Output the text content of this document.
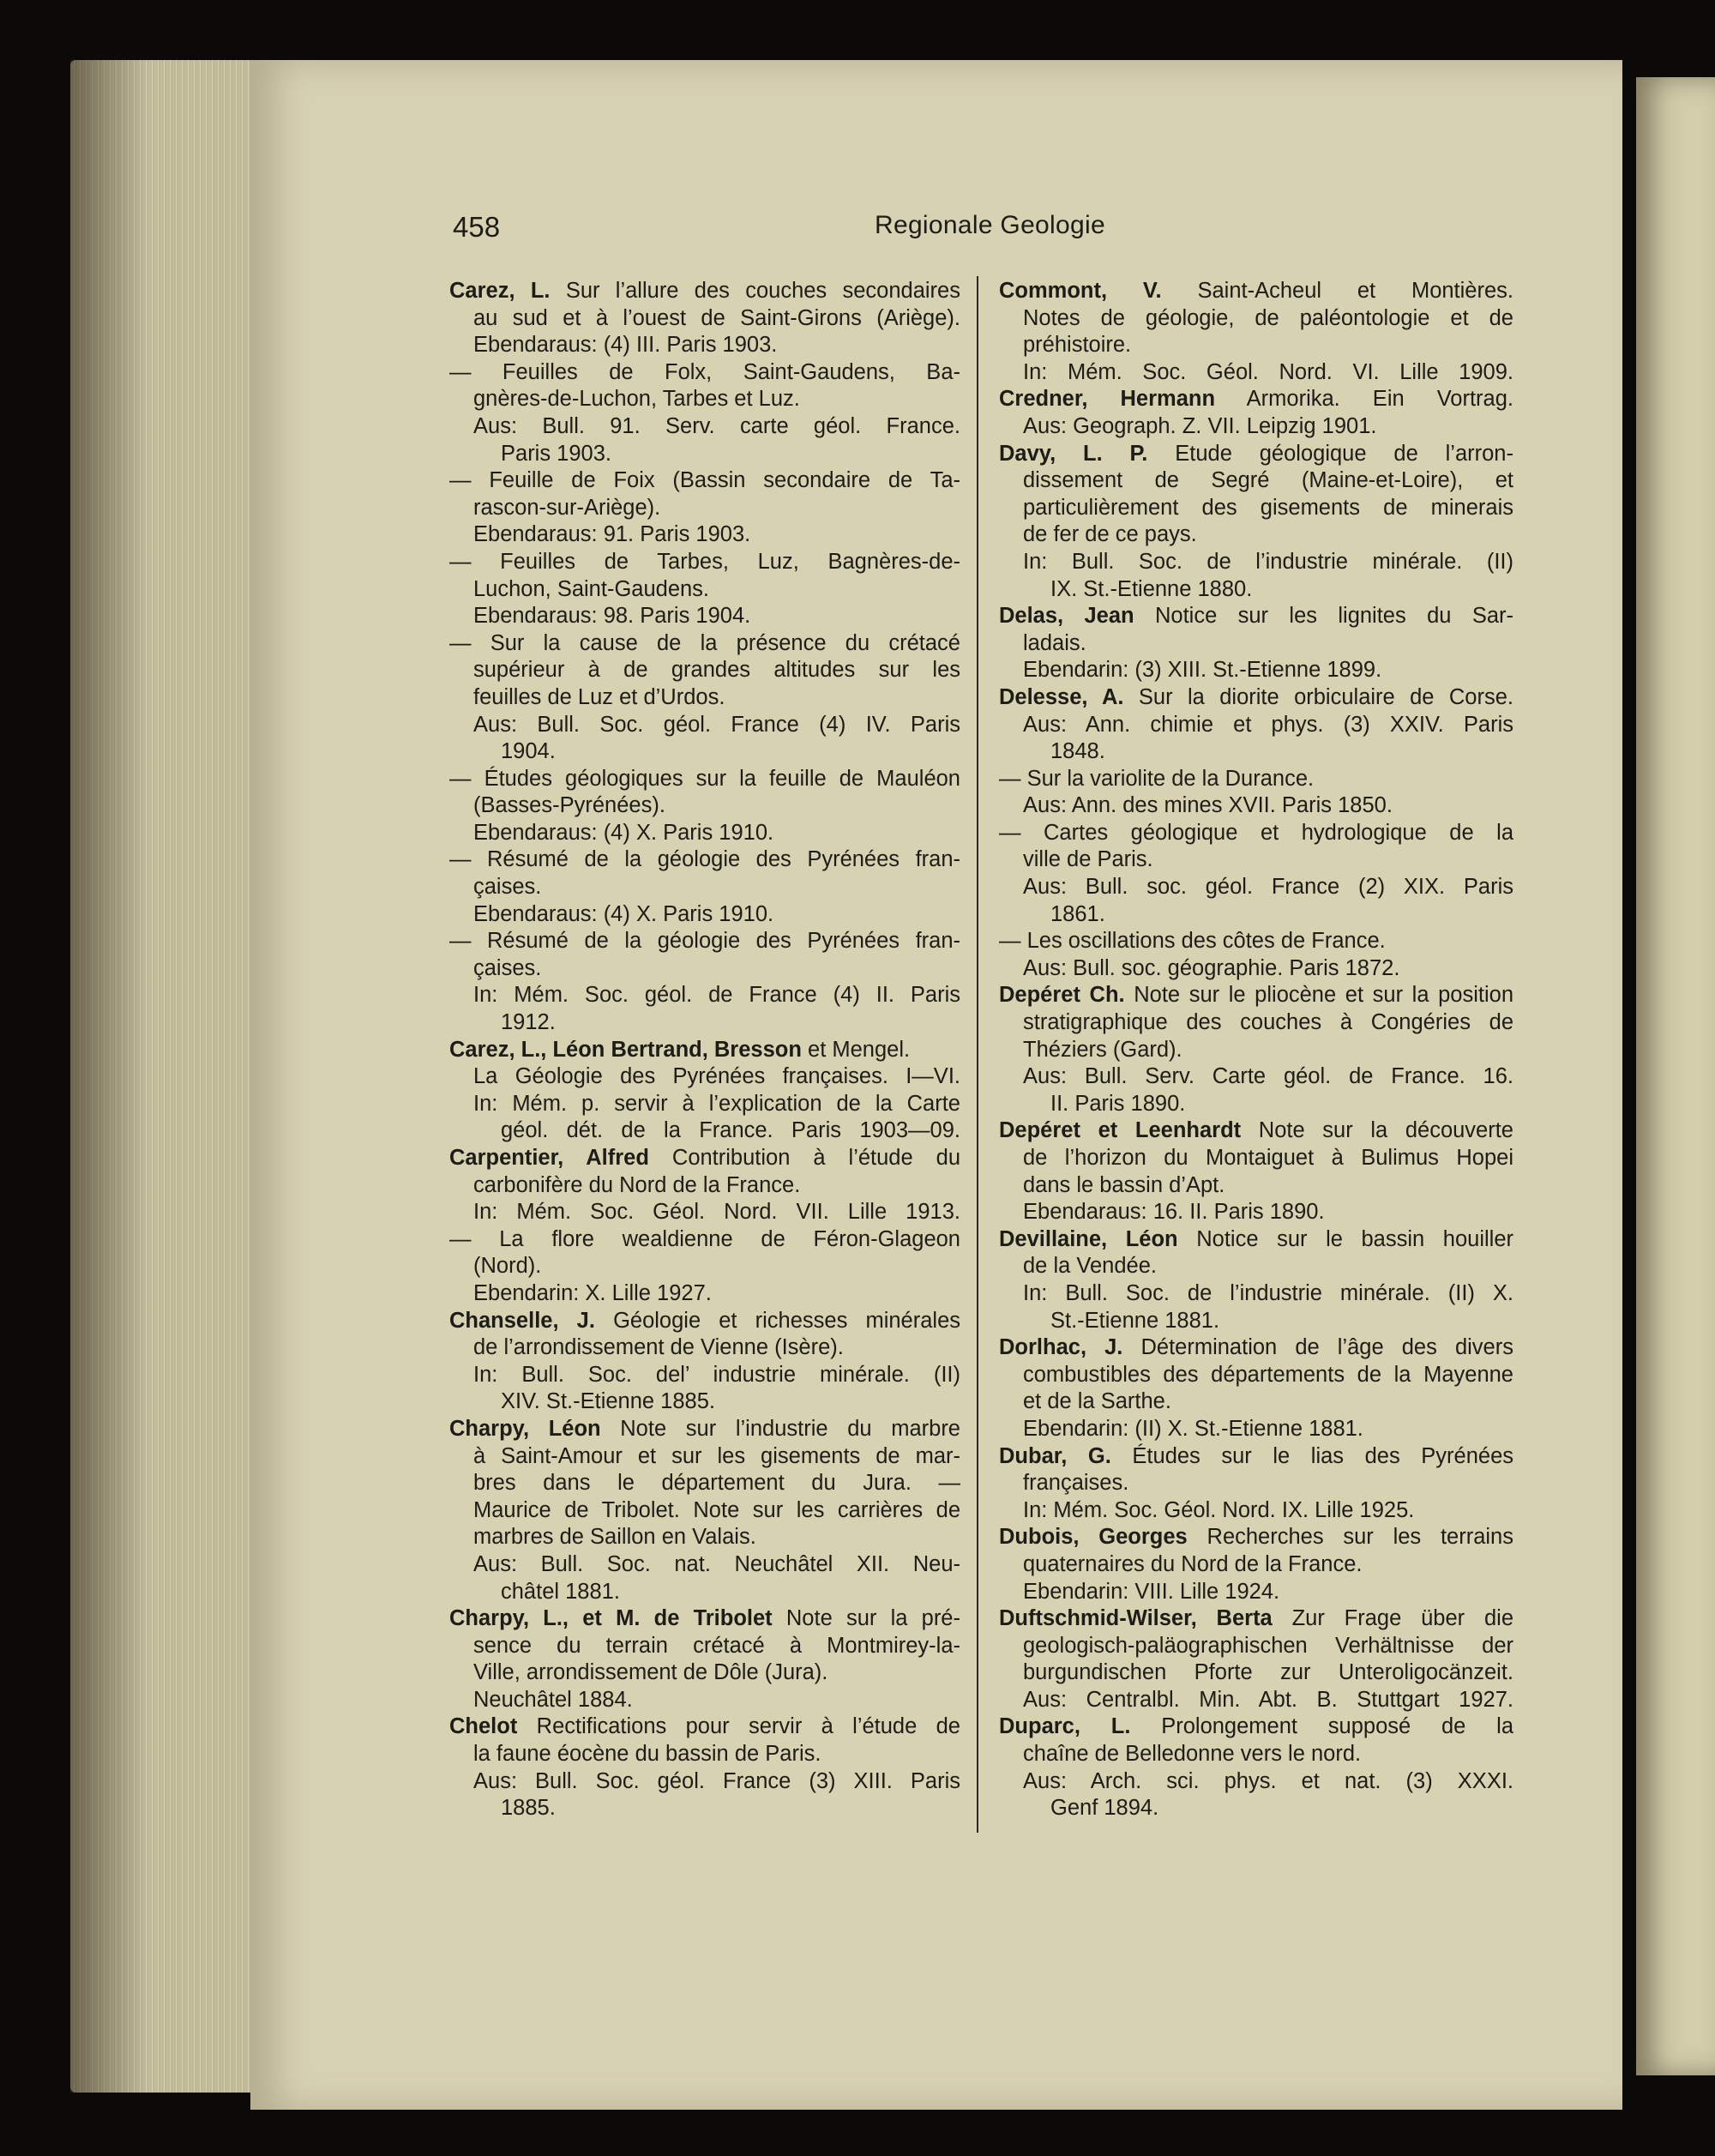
458	Regionale Geologie
Carez, L. Sur l’allure des couches secondaires
au sud et à l’ouest de Saint-Girons (Ariège).
Ebendaraus: (4) III. Paris 1903.
— Feuilles de Folx, Saint-Gaudens, Ba-
gnères-de-Luchon, Tarbes et Luz.
Aus: Bull. 91. Serv. carte géol. France.
Paris 1903.
— Feuille de Foix (Bassin secondaire de Ta-
rascon-sur-Ariège).
Ebendaraus: 91. Paris 1903.
— Feuilles de Tarbes, Luz, Bagnères-de-
Luchon, Saint-Gaudens.
Ebendaraus: 98. Paris 1904.
— Sur la cause de la présence du crétacé
supérieur à de grandes altitudes sur les
feuilles de Luz et d’Urdos.
Aus: Bull. Soc. géol. France (4) IV. Paris
1904.
— Études géologiques sur la feuille de Mauléon
(Basses-Pyrénées).
Ebendaraus: (4) X. Paris 1910.
— Résumé de la géologie des Pyrénées fran-
çaises.
Ebendaraus: (4) X. Paris 1910.
— Résumé de la géologie des Pyrénées fran-
çaises.
In: Mém. Soc. géol. de France (4) II. Paris
1912.
Carez, L., Léon Bertrand, Bresson et Mengel.
La Géologie des Pyrénées françaises. I—VI.
In: Mém. p. servir à l’explication de la Carte
géol. dét. de la France. Paris 1903—09.
Carpentier, Alfred Contribution à l’étude du
carbonifère du Nord de la France.
In: Mém. Soc. Géol. Nord. VII. Lille 1913.
— La flore wealdienne de Féron-Glageon
(Nord).
Ebendarin: X. Lille 1927.
Chanselle, J. Géologie et richesses minérales
de l’arrondissement de Vienne (Isère).
In: Bull. Soc. del’ industrie minérale. (II)
XIV. St.-Etienne 1885.
Charpy, Léon Note sur l’industrie du marbre
à Saint-Amour et sur les gisements de mar-
bres dans le département du Jura. —
Maurice de Tribolet. Note sur les carrières de
marbres de Saillon en Valais.
Aus: Bull. Soc. nat. Neuchâtel XII. Neu-
châtel 1881.
Charpy, L., et M. de Tribolet Note sur la pré-
sence du terrain crétacé à Montmirey-la-
Ville, arrondissement de Dôle (Jura).
Neuchâtel 1884.
Chelot Rectifications pour servir à l’étude de
la faune éocène du bassin de Paris.
Aus: Bull. Soc. géol. France (3) XIII. Paris
1885.
Commont, V. Saint-Acheul et Montières.
Notes de géologie, de paléontologie et de
préhistoire.
In: Mém. Soc. Géol. Nord. VI. Lille 1909.
Credner, Hermann Armorika. Ein Vortrag.
Aus: Geograph. Z. VII. Leipzig 1901.
Davy, L. P. Etude géologique de l’arron-
dissement de Segré (Maine-et-Loire), et
particulièrement des gisements de minerais
de fer de ce pays.
In: Bull. Soc. de l’industrie minérale. (II)
IX. St.-Etienne 1880.
Delas, Jean Notice sur les lignites du Sar-
ladais.
Ebendarin: (3) XIII. St.-Etienne 1899.
Delesse, A. Sur la diorite orbiculaire de Corse.
Aus: Ann. chimie et phys. (3) XXIV. Paris
1848.
— Sur la variolite de la Durance.
Aus: Ann. des mines XVII. Paris 1850.
— Cartes géologique et hydrologique de la
ville de Paris.
Aus: Bull. soc. géol. France (2) XIX. Paris
1861.
— Les oscillations des côtes de France.
Aus: Bull. soc. géographie. Paris 1872.
Depéret Ch. Note sur le pliocène et sur la position
stratigraphique des couches à Congéries de
Théziers (Gard).
Aus: Bull. Serv. Carte géol. de France. 16.
II. Paris 1890.
Depéret et Leenhardt Note sur la découverte
de l’horizon du Montaiguet à Bulimus Hopei
dans le bassin d’Apt.
Ebendaraus: 16. II. Paris 1890.
Devillaine, Léon Notice sur le bassin houiller
de la Vendée.
In: Bull. Soc. de l’industrie minérale. (II) X.
St.-Etienne 1881.
Dorlhac, J. Détermination de l’âge des divers
combustibles des départements de la Mayenne
et de la Sarthe.
Ebendarin: (II) X. St.-Etienne 1881.
Dubar, G. Études sur le lias des Pyrénées
françaises.
In: Mém. Soc. Géol. Nord. IX. Lille 1925.
Dubois, Georges Recherches sur les terrains
quaternaires du Nord de la France.
Ebendarin: VIII. Lille 1924.
Duftschmid-Wilser, Berta Zur Frage über die
geologisch-paläographischen Verhältnisse der
burgundischen Pforte zur Unteroligocänzeit.
Aus: Centralbl. Min. Abt. B. Stuttgart 1927.
Duparc, L. Prolongement supposé de la
chaîne de Belledonne vers le nord.
Aus: Arch. sci. phys. et nat. (3) XXXI.
Genf 1894.
